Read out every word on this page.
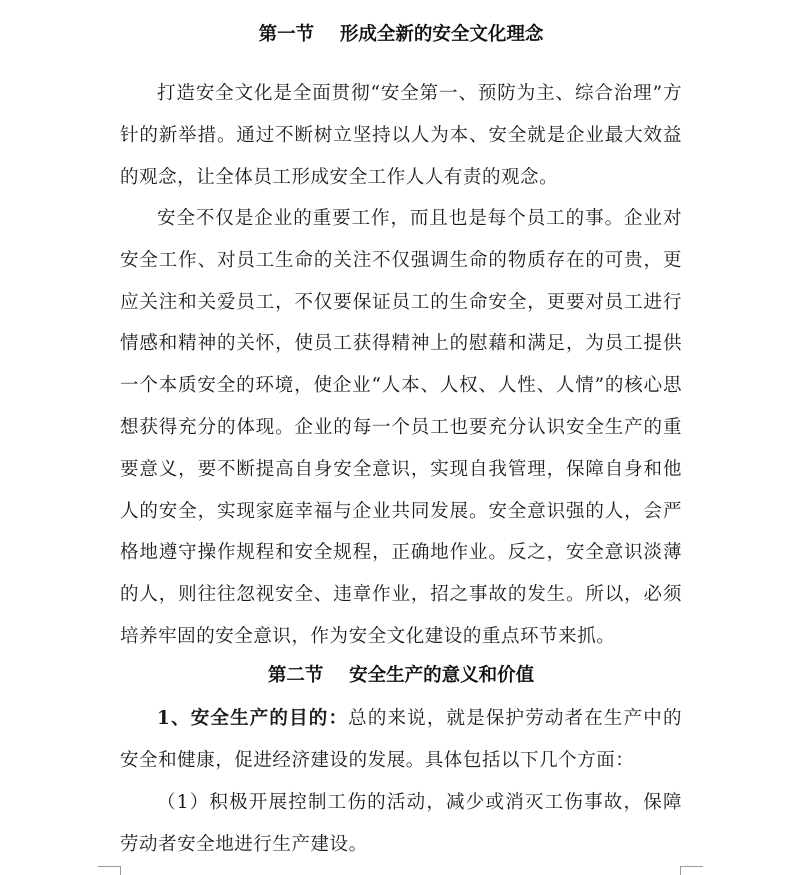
第一节    形成全新的安全文化理念

打造安全文化是全面贯彻“安全第一、预防为主、综合治理”方针的新举措。通过不断树立坚持以人为本、安全就是企业最大效益的观念，让全体员工形成安全工作人人有责的观念。

安全不仅是企业的重要工作，而且也是每个员工的事。企业对安全工作、对员工生命的关注不仅强调生命的物质存在的可贵，更应关注和关爱员工，不仅要保证员工的生命安全，更要对员工进行情感和精神的关怀，使员工获得精神上的慰藉和满足，为员工提供一个本质安全的环境，使企业“人本、人权、人性、人情”的核心思想获得充分的体现。企业的每一个员工也要充分认识安全生产的重要意义，要不断提高自身安全意识，实现自我管理，保障自身和他人的安全，实现家庭幸福与企业共同发展。安全意识强的人，会严格地遵守操作规程和安全规程，正确地作业。反之，安全意识淡薄的人，则往往忽视安全、违章作业，招之事故的发生。所以，必须培养牢固的安全意识，作为安全文化建设的重点环节来抓。

第二节    安全生产的意义和价值

1、安全生产的目的：总的来说，就是保护劳动者在生产中的安全和健康，促进经济建设的发展。具体包括以下几个方面：

（1）积极开展控制工伤的活动，减少或消灭工伤事故，保障劳动者安全地进行生产建设。
